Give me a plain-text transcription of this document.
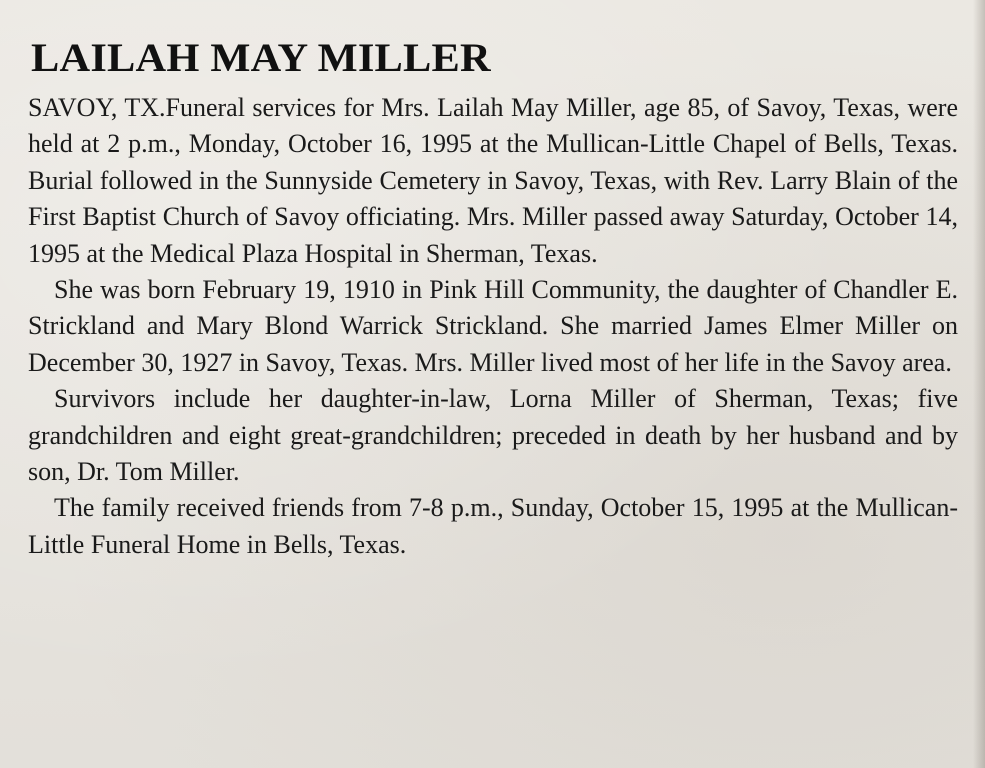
LAILAH MAY MILLER

SAVOY, TX.Funeral services for Mrs. Lailah May Miller, age 85, of Savoy, Texas, were held at 2 p.m., Monday, October 16, 1995 at the Mullican-Little Chapel of Bells, Texas. Burial followed in the Sunnyside Cemetery in Savoy, Texas, with Rev. Larry Blain of the First Baptist Church of Savoy officiating. Mrs. Miller passed away Saturday, October 14, 1995 at the Medical Plaza Hospital in Sherman, Texas.

She was born February 19, 1910 in Pink Hill Community, the daughter of Chandler E. Strickland and Mary Blond Warrick Strickland. She married James Elmer Miller on December 30, 1927 in Savoy, Texas. Mrs. Miller lived most of her life in the Savoy area.

Survivors include her daughter-in-law, Lorna Miller of Sherman, Texas; five grandchildren and eight great-grandchildren; preceded in death by her husband and by son, Dr. Tom Miller.

The family received friends from 7-8 p.m., Sunday, October 15, 1995 at the Mullican-Little Funeral Home in Bells, Texas.
